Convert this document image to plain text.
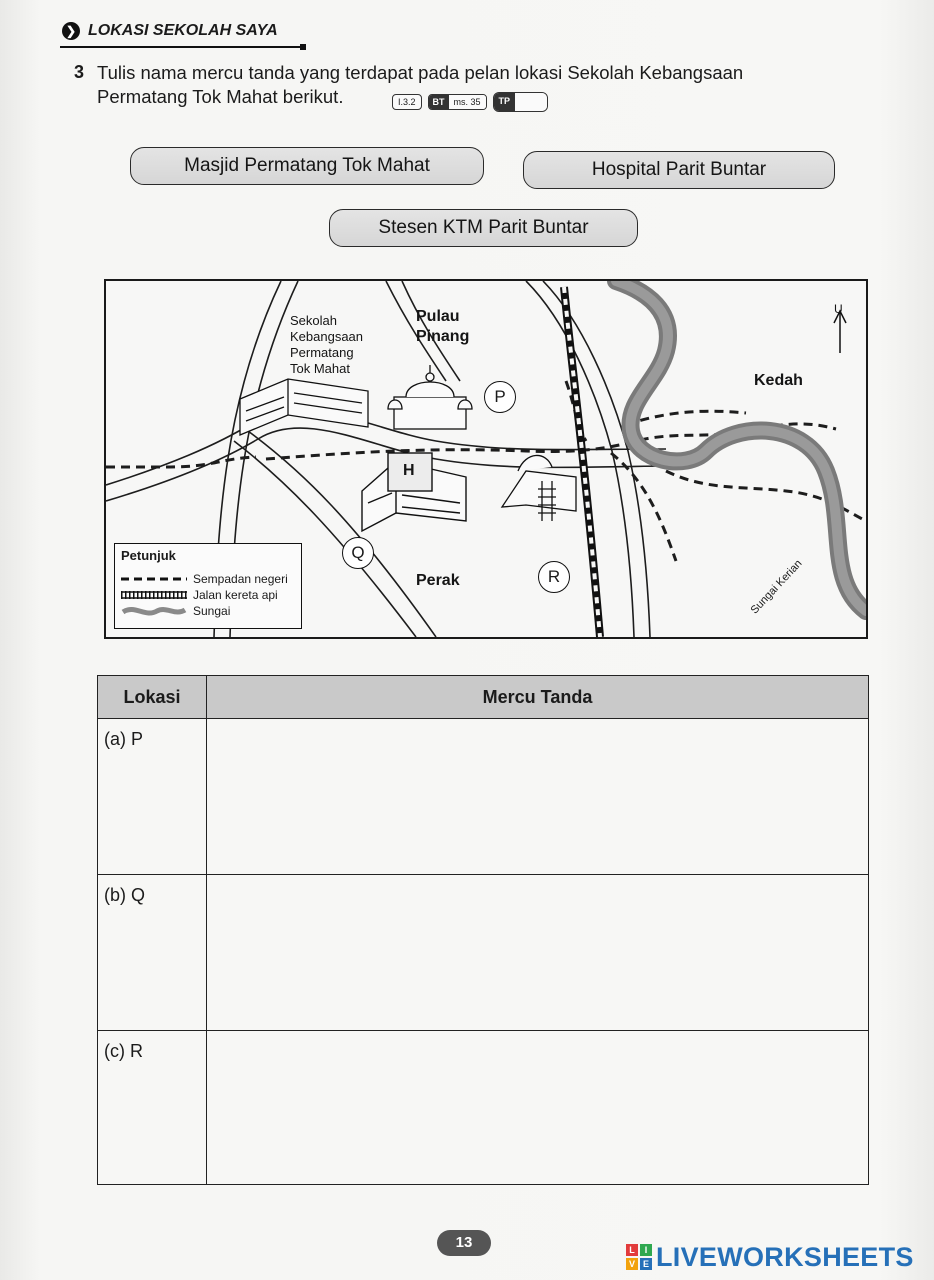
❯ LOKASI SEKOLAH SAYA
3 Tulis nama mercu tanda yang terdapat pada pelan lokasi Sekolah Kebangsaan
Permatang Tok Mahat berikut.	I.3.2	BT	ms. 35	TP
Masjid Permatang Tok Mahat	Hospital Parit Buntar
Stesen KTM Parit Buntar
Sekolah
Kebangsaan
Permatang
Tok Mahat
Pulau
Pinang
Kedah
Perak
U
H
Sungai Kerian
P
Q
R
Petunjuk
Sempadan negeri
Jalan kereta api
Sungai
Lokasi	Mercu Tanda
(a) P	
(b) Q	
(c) R	
13	L	I
V E LIVEWORKSHEETS
